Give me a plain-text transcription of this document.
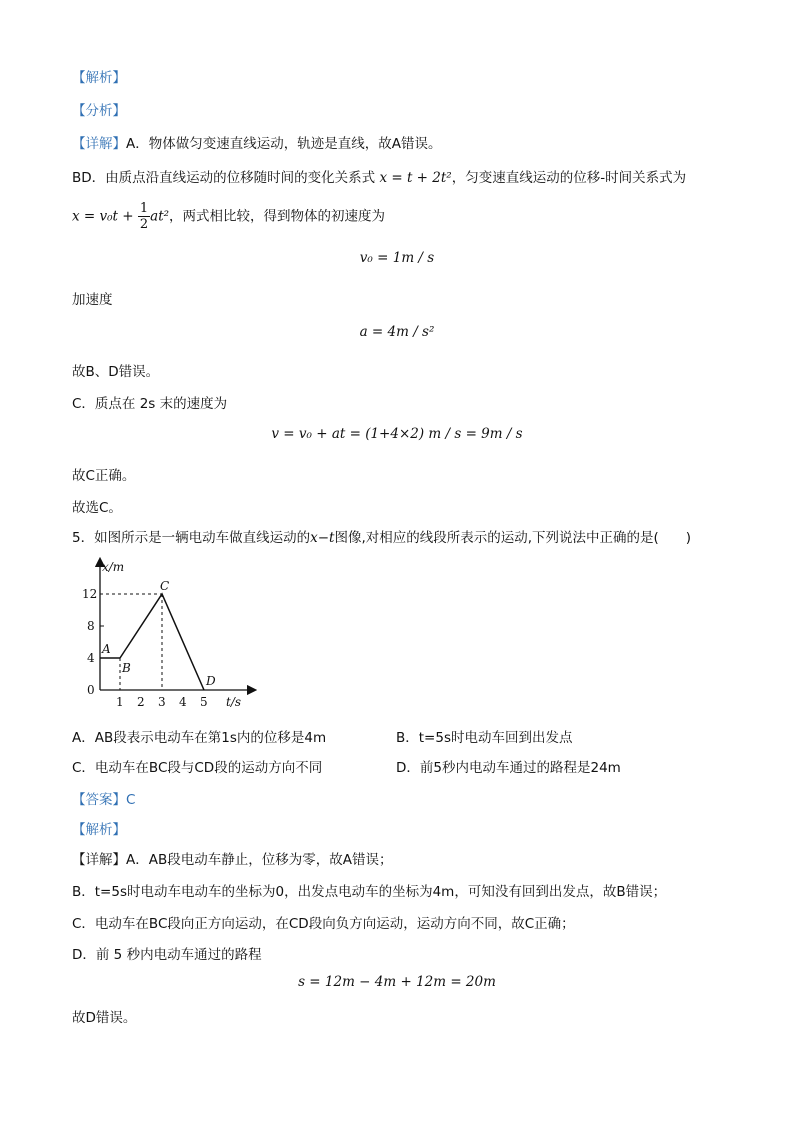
【解析】
【分析】
【详解】A．物体做匀变速直线运动，轨迹是直线，故A错误。
BD．由质点沿直线运动的位移随时间的变化关系式 x = t + 2t²，匀变速直线运动的位移-时间关系式为
$x = v_0t + \frac{1}{2} at^2$，两式相比较，得到物体的初速度为
v₀ = 1m / s
加速度
a = 4m / s²
故B、D错误。
C．质点在 2s 末的速度为
v = v₀ + at = (1+4×2) m / s = 9m / s
故C正确。
故选C。
5．如图所示是一辆电动车做直线运动的x−t图像,对相应的线段所表示的运动,下列说法中正确的是(　　)
x/m
t/s
12
8
4
0
1 2 3 4 5
A
B
C
D
A．AB段表示电动车在第1s内的位移是4m	B．t=5s时电动车回到出发点
C．电动车在BC段与CD段的运动方向不同	D．前5秒内电动车通过的路程是24m
【答案】C
【解析】
【详解】A．AB段电动车静止，位移为零，故A错误；
B．t=5s时电动车电动车的坐标为0，出发点电动车的坐标为4m，可知没有回到出发点，故B错误；
C．电动车在BC段向正方向运动，在CD段向负方向运动，运动方向不同，故C正确；
D．前 5 秒内电动车通过的路程
s = 12m − 4m + 12m = 20m
故D错误。
